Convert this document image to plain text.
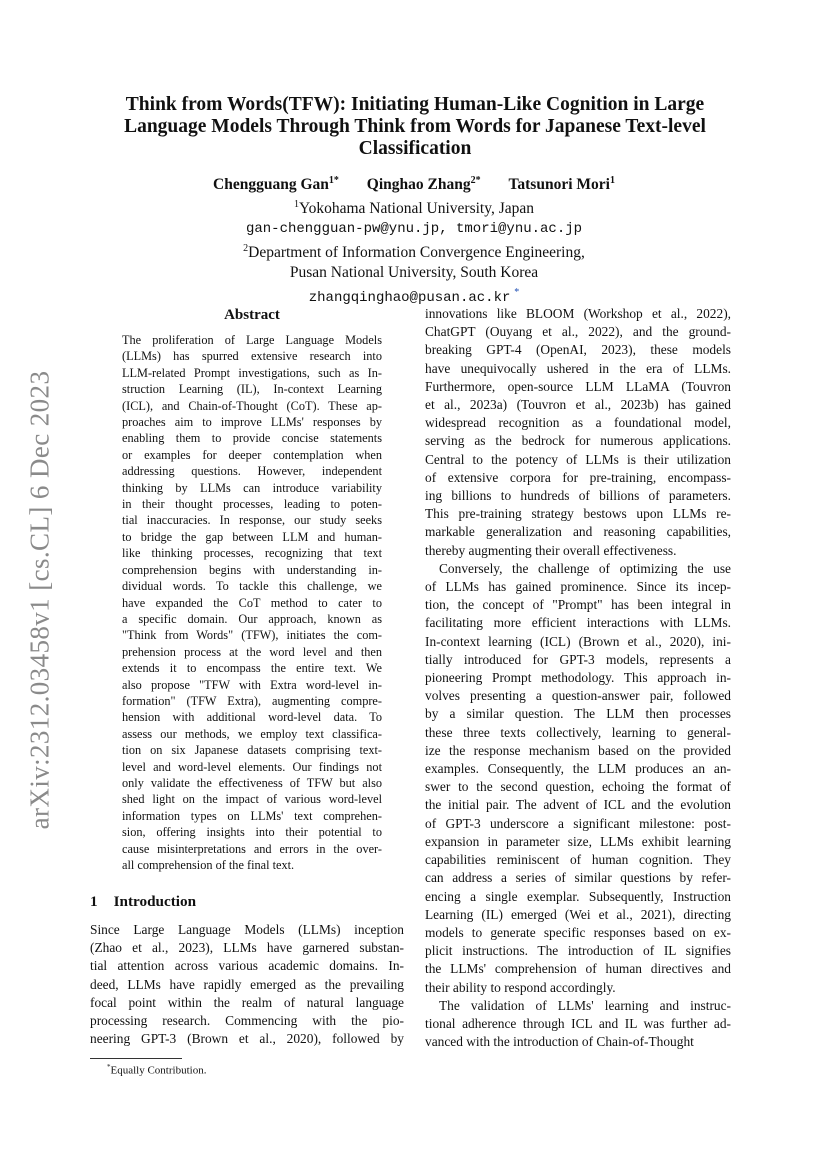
arXiv:2312.03458v1 [cs.CL] 6 Dec 2023
Think from Words(TFW): Initiating Human-Like Cognition in Large
Language Models Through Think from Words for Japanese Text-level
Classification
Chengguang Gan$^{1*}$ Qinghao Zhang$^{2*}$ Tatsunori Mori$^1$
$^1$Yokohama National University, Japan
gan-chengguan-pw@ynu.jp, tmori@ynu.ac.jp
$^2$Department of Information Convergence Engineering,
Pusan National University, South Korea
zhangqinghao@pusan.ac.kr *
Abstract
The proliferation of Large Language Models
(LLMs) has spurred extensive research into
LLM-related Prompt investigations, such as In-
struction Learning (IL), In-context Learning
(ICL), and Chain-of-Thought (CoT). These ap-
proaches aim to improve LLMs' responses by
enabling them to provide concise statements
or examples for deeper contemplation when
addressing questions. However, independent
thinking by LLMs can introduce variability
in their thought processes, leading to poten-
tial inaccuracies. In response, our study seeks
to bridge the gap between LLM and human-
like thinking processes, recognizing that text
comprehension begins with understanding in-
dividual words. To tackle this challenge, we
have expanded the CoT method to cater to
a specific domain. Our approach, known as
"Think from Words" (TFW), initiates the com-
prehension process at the word level and then
extends it to encompass the entire text. We
also propose "TFW with Extra word-level in-
formation" (TFW Extra), augmenting compre-
hension with additional word-level data. To
assess our methods, we employ text classifica-
tion on six Japanese datasets comprising text-
level and word-level elements. Our findings not
only validate the effectiveness of TFW but also
shed light on the impact of various word-level
information types on LLMs' text comprehen-
sion, offering insights into their potential to
cause misinterpretations and errors in the over-
all comprehension of the final text.
1 Introduction
Since Large Language Models (LLMs) inception
(Zhao et al., 2023), LLMs have garnered substan-
tial attention across various academic domains. In-
deed, LLMs have rapidly emerged as the prevailing
focal point within the realm of natural language
processing research. Commencing with the pio-
neering GPT-3 (Brown et al., 2020), followed by
*Equally Contribution.
innovations like BLOOM (Workshop et al., 2022),
ChatGPT (Ouyang et al., 2022), and the ground-
breaking GPT-4 (OpenAI, 2023), these models
have unequivocally ushered in the era of LLMs.
Furthermore, open-source LLM LLaMA (Touvron
et al., 2023a) (Touvron et al., 2023b) has gained
widespread recognition as a foundational model,
serving as the bedrock for numerous applications.
Central to the potency of LLMs is their utilization
of extensive corpora for pre-training, encompass-
ing billions to hundreds of billions of parameters.
This pre-training strategy bestows upon LLMs re-
markable generalization and reasoning capabilities,
thereby augmenting their overall effectiveness.
Conversely, the challenge of optimizing the use
of LLMs has gained prominence. Since its incep-
tion, the concept of "Prompt" has been integral in
facilitating more efficient interactions with LLMs.
In-context learning (ICL) (Brown et al., 2020), ini-
tially introduced for GPT-3 models, represents a
pioneering Prompt methodology. This approach in-
volves presenting a question-answer pair, followed
by a similar question. The LLM then processes
these three texts collectively, learning to general-
ize the response mechanism based on the provided
examples. Consequently, the LLM produces an an-
swer to the second question, echoing the format of
the initial pair. The advent of ICL and the evolution
of GPT-3 underscore a significant milestone: post-
expansion in parameter size, LLMs exhibit learning
capabilities reminiscent of human cognition. They
can address a series of similar questions by refer-
encing a single exemplar. Subsequently, Instruction
Learning (IL) emerged (Wei et al., 2021), directing
models to generate specific responses based on ex-
plicit instructions. The introduction of IL signifies
the LLMs' comprehension of human directives and
their ability to respond accordingly.
The validation of LLMs' learning and instruc-
tional adherence through ICL and IL was further ad-
vanced with the introduction of Chain-of-Thought
